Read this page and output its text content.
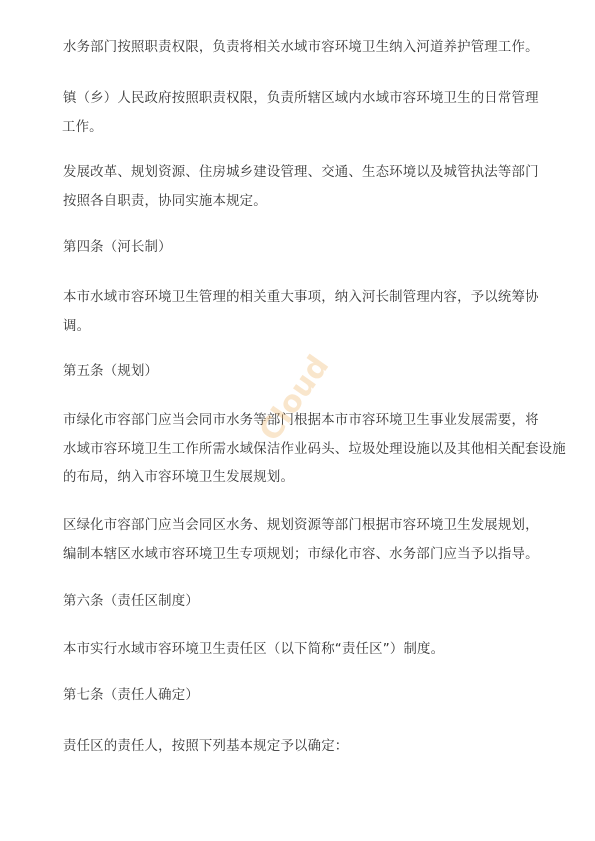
水务部门按照职责权限，负责将相关水域市容环境卫生纳入河道养护管理工作。

镇（乡）人民政府按照职责权限，负责所辖区域内水域市容环境卫生的日常管理
工作。

发展改革、规划资源、住房城乡建设管理、交通、生态环境以及城管执法等部门
按照各自职责，协同实施本规定。

第四条（河长制）

本市水域市容环境卫生管理的相关重大事项，纳入河长制管理内容，予以统筹协
调。

第五条（规划）

市绿化市容部门应当会同市水务等部门根据本市市容环境卫生事业发展需要，将
水域市容环境卫生工作所需水域保洁作业码头、垃圾处理设施以及其他相关配套设施
的布局，纳入市容环境卫生发展规划。

区绿化市容部门应当会同区水务、规划资源等部门根据市容环境卫生发展规划，
编制本辖区水域市容环境卫生专项规划；市绿化市容、水务部门应当予以指导。

第六条（责任区制度）

本市实行水域市容环境卫生责任区（以下简称“责任区”）制度。

第七条（责任人确定）

责任区的责任人，按照下列基本规定予以确定：

Cloud
